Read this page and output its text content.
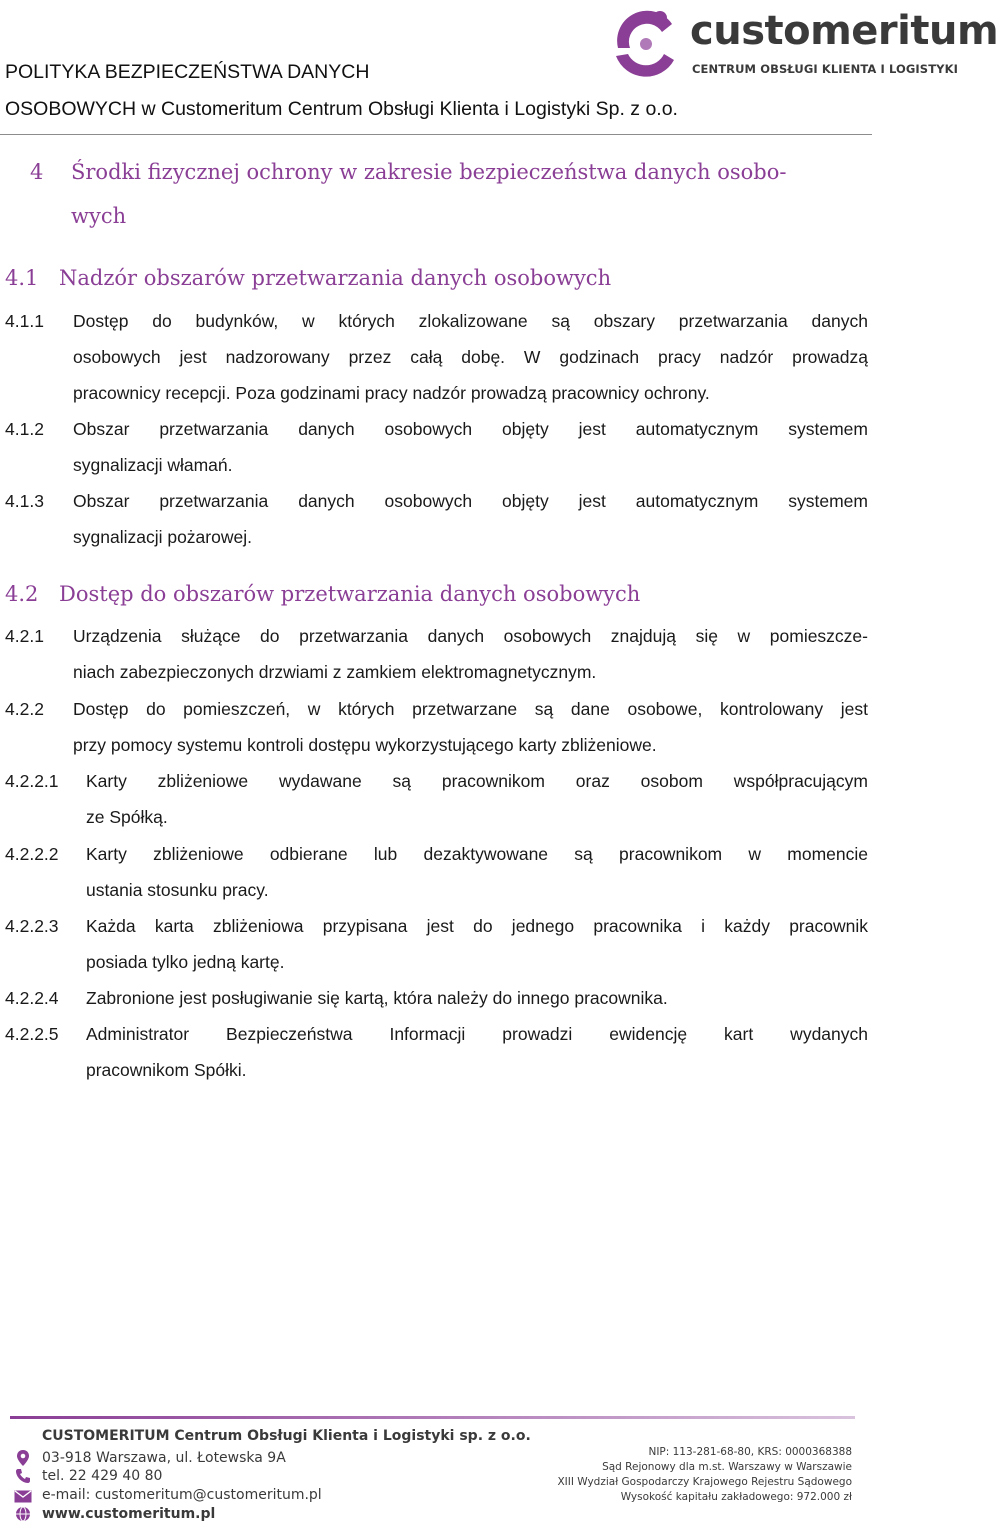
POLITYKA BEZPIECZEŃSTWA DANYCH
OSOBOWYCH w Customeritum Centrum Obsługi Klienta i Logistyki Sp. z o.o.
customeritum
CENTRUM OBSŁUGI KLIENTA I LOGISTYKI
4 Środki fizycznej ochrony w zakresie bezpieczeństwa danych osobo-
wych
4.1 Nadzór obszarów przetwarzania danych osobowych
4.1.1 Dostęp do budynków, w których zlokalizowane są obszary przetwarzania danych
osobowych jest nadzorowany przez całą dobę. W godzinach pracy nadzór prowadzą
pracownicy recepcji. Poza godzinami pracy nadzór prowadzą pracownicy ochrony.
4.1.2 Obszar przetwarzania danych osobowych objęty jest automatycznym systemem
sygnalizacji włamań.
4.1.3 Obszar przetwarzania danych osobowych objęty jest automatycznym systemem
sygnalizacji pożarowej.
4.2 Dostęp do obszarów przetwarzania danych osobowych
4.2.1 Urządzenia służące do przetwarzania danych osobowych znajdują się w pomieszcze-
niach zabezpieczonych drzwiami z zamkiem elektromagnetycznym.
4.2.2 Dostęp do pomieszczeń, w których przetwarzane są dane osobowe, kontrolowany jest
przy pomocy systemu kontroli dostępu wykorzystującego karty zbliżeniowe.
4.2.2.1 Karty zbliżeniowe wydawane są pracownikom oraz osobom współpracującym
ze Spółką.
4.2.2.2 Karty zbliżeniowe odbierane lub dezaktywowane są pracownikom w momencie
ustania stosunku pracy.
4.2.2.3 Każda karta zbliżeniowa przypisana jest do jednego pracownika i każdy pracownik
posiada tylko jedną kartę.
4.2.2.4 Zabronione jest posługiwanie się kartą, która należy do innego pracownika.
4.2.2.5 Administrator Bezpieczeństwa Informacji prowadzi ewidencję kart wydanych
pracownikom Spółki.
CUSTOMERITUM Centrum Obsługi Klienta i Logistyki sp. z o.o.
03-918 Warszawa, ul. Łotewska 9A
tel. 22 429 40 80
e-mail: customeritum@customeritum.pl
www.customeritum.pl
NIP: 113-281-68-80, KRS: 0000368388
Sąd Rejonowy dla m.st. Warszawy w Warszawie
XIII Wydział Gospodarczy Krajowego Rejestru Sądowego
Wysokość kapitału zakładowego: 972.000 zł
